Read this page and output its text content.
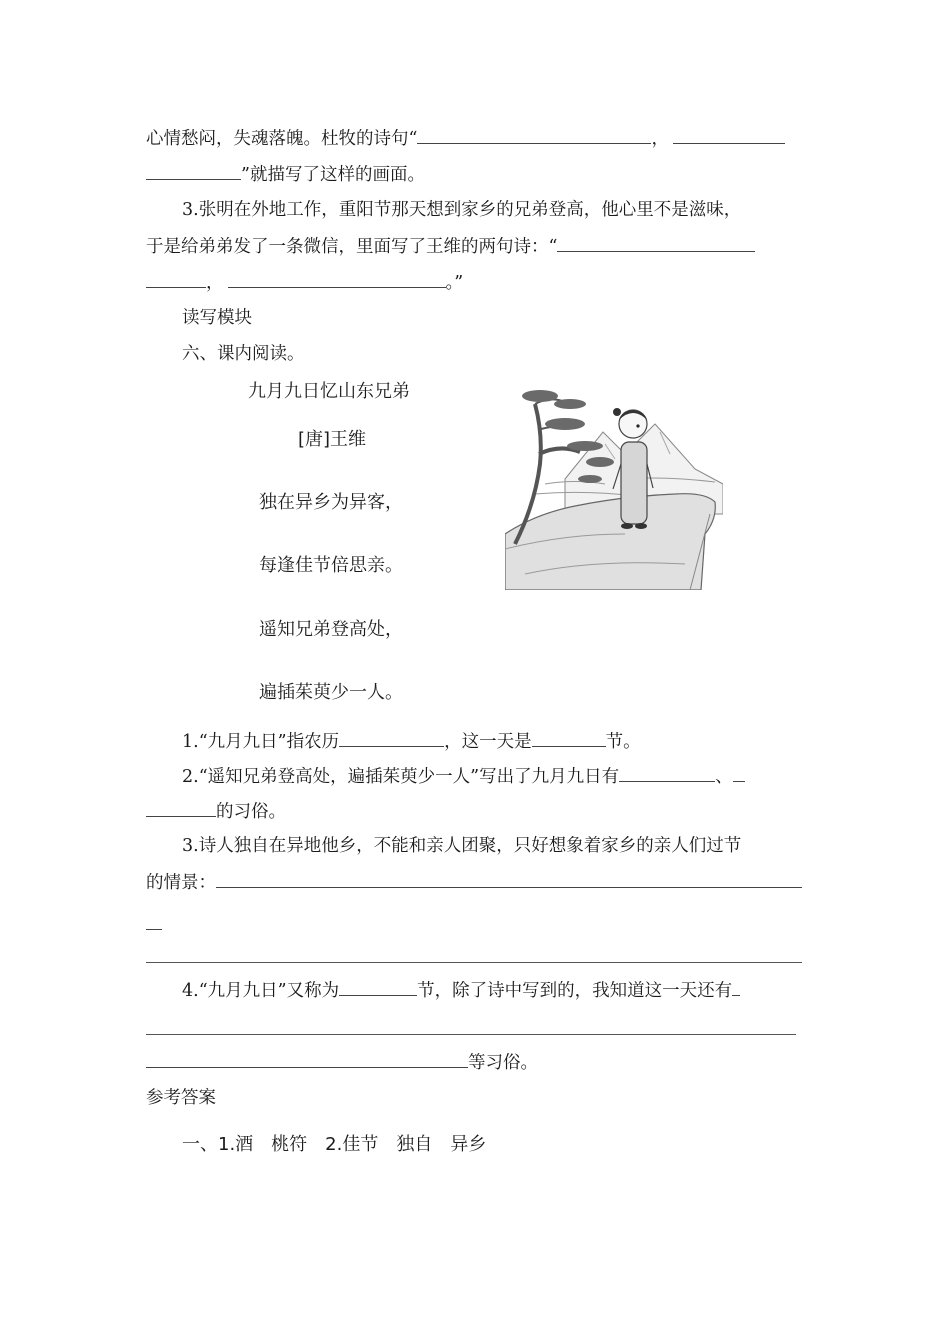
心情愁闷，失魂落魄。杜牧的诗句“	，
”就描写了这样的画面。
3.张明在外地工作，重阳节那天想到家乡的兄弟登高，他心里不是滋味，
于是给弟弟发了一条微信，里面写了王维的两句诗：“
，	。”
读写模块
六、课内阅读。
九月九日忆山东兄弟
[唐]王维
独在异乡为异客，
每逢佳节倍思亲。
遥知兄弟登高处，
遍插茱萸少一人。
1.“九月九日”指农历	，这一天是	节。
2.“遥知兄弟登高处，遍插茱萸少一人”写出了九月九日有	、
的习俗。
3.诗人独自在异地他乡，不能和亲人团聚，只好想象着家乡的亲人们过节
的情景：
4.“九月九日”又称为	节，除了诗中写到的，我知道这一天还有
等习俗。
参考答案
一、1.酒　桃符　2.佳节　独自　异乡
